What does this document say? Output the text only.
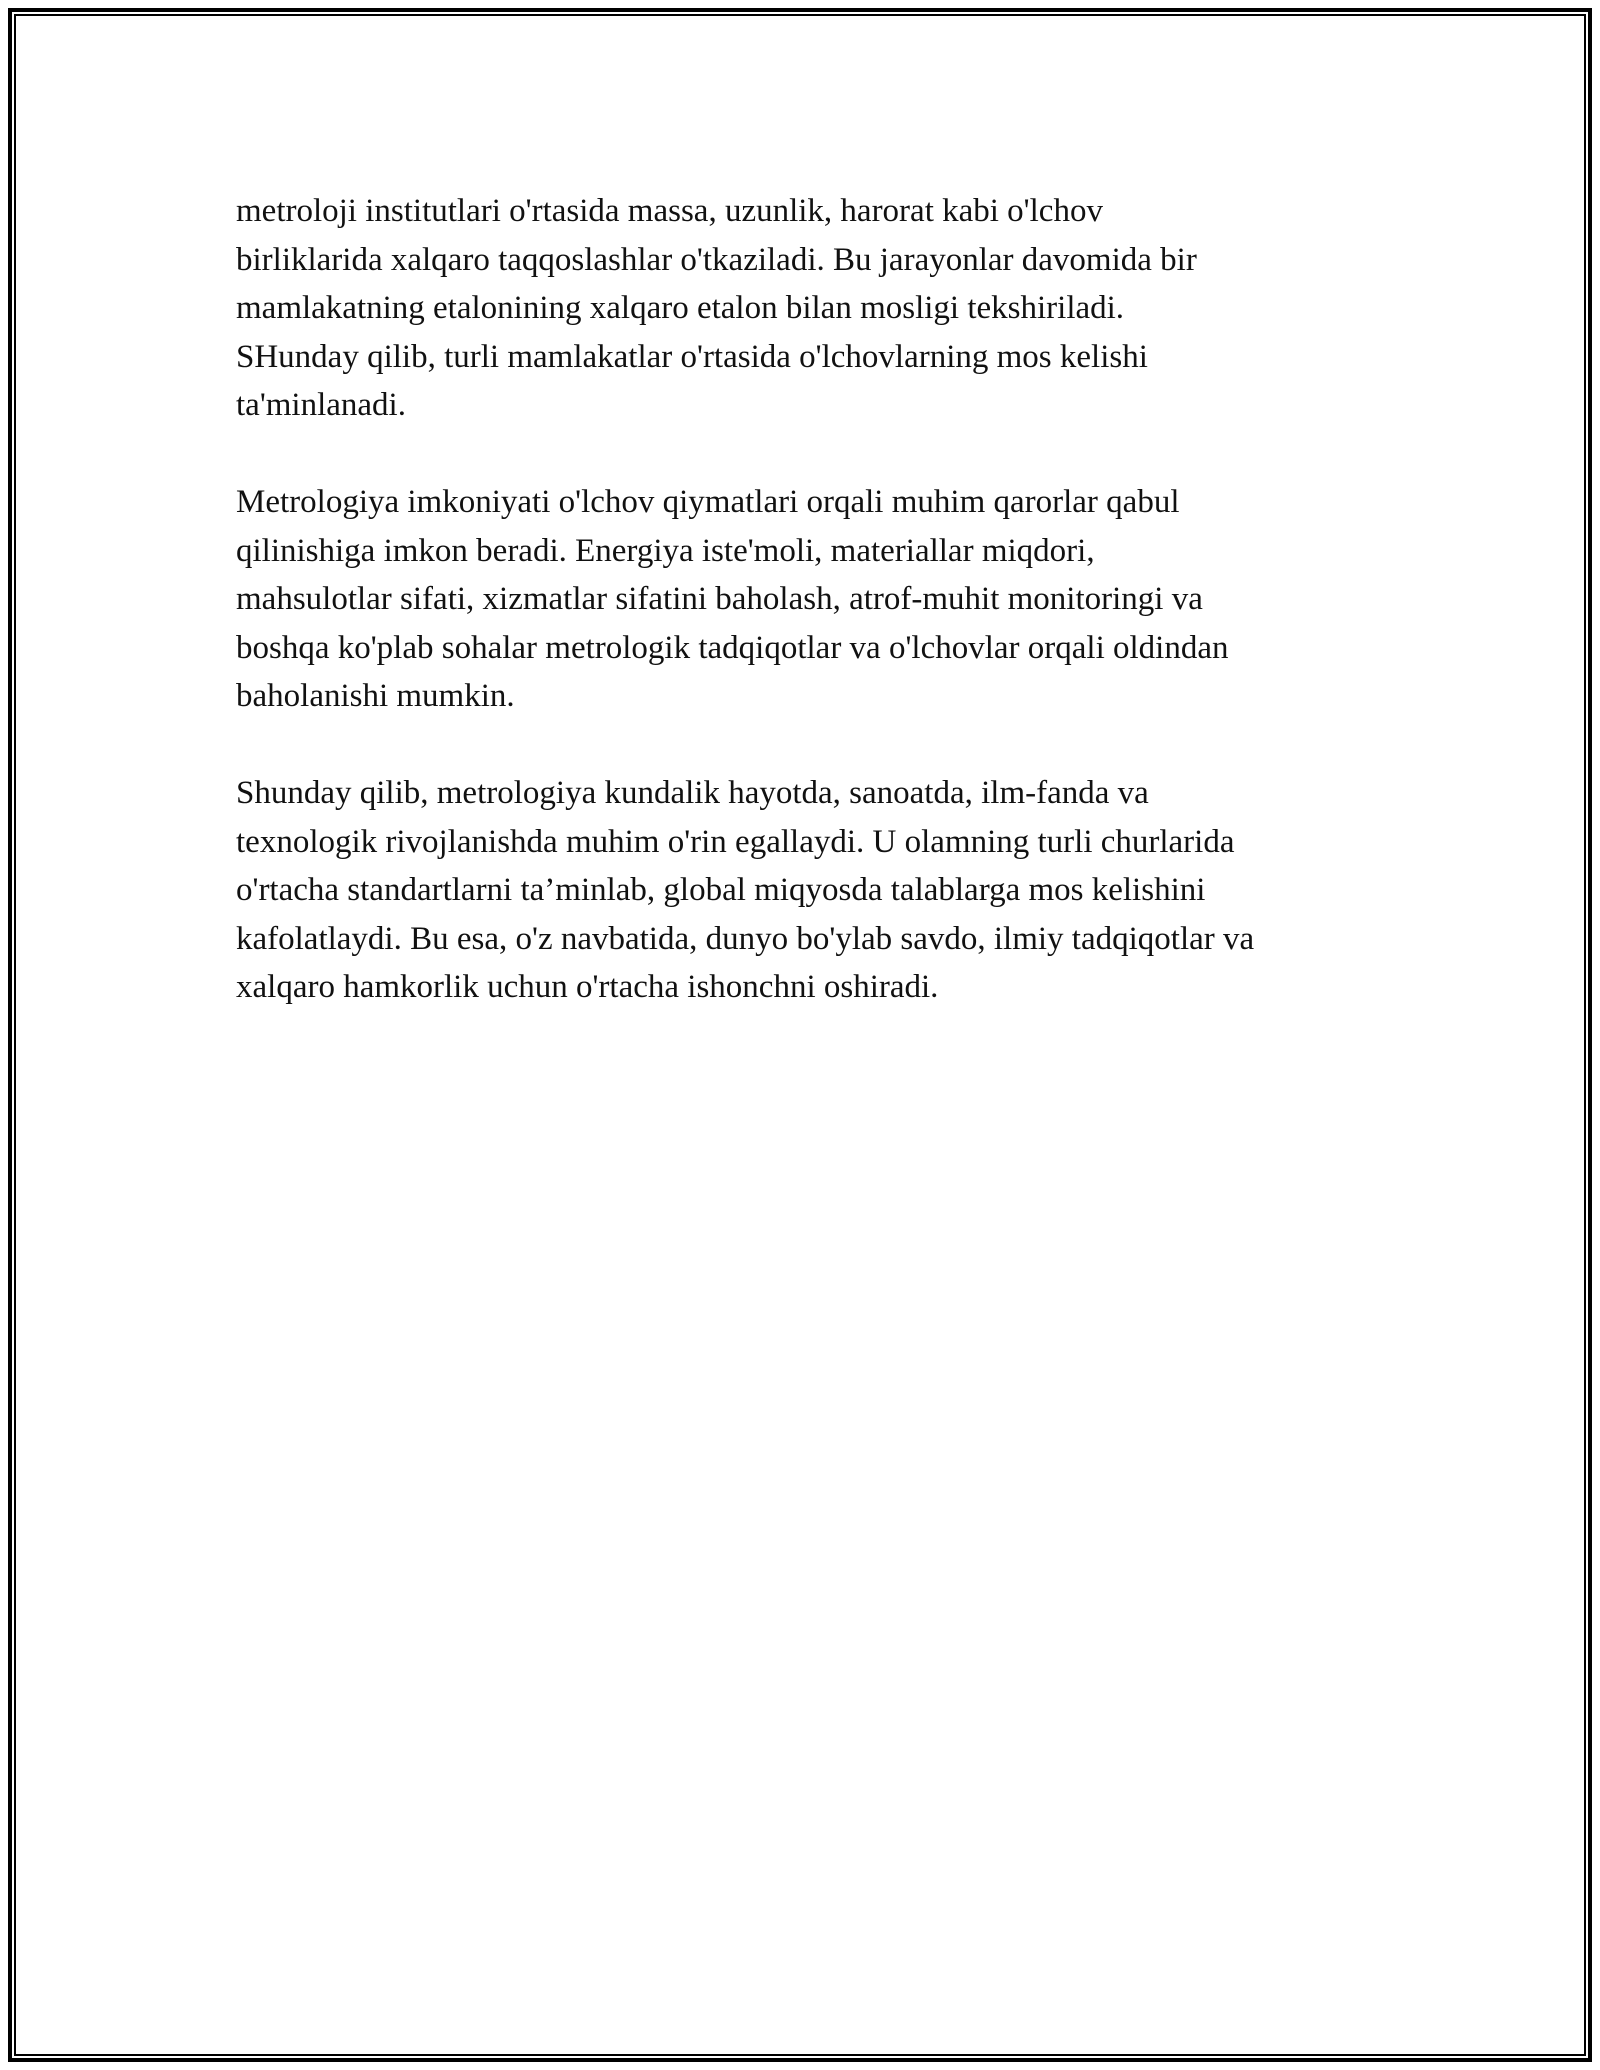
metroloji institutlari o'rtasida massa, uzunlik, harorat kabi o'lchov
birliklarida xalqaro taqqoslashlar o'tkaziladi. Bu jarayonlar davomida bir
mamlakatning etalonining xalqaro etalon bilan mosligi tekshiriladi.
SHunday qilib, turli mamlakatlar o'rtasida o'lchovlarning mos kelishi
ta'minlanadi.

Metrologiya imkoniyati o'lchov qiymatlari orqali muhim qarorlar qabul
qilinishiga imkon beradi. Energiya iste'moli, materiallar miqdori,
mahsulotlar sifati, xizmatlar sifatini baholash, atrof-muhit monitoringi va
boshqa ko'plab sohalar metrologik tadqiqotlar va o'lchovlar orqali oldindan
baholanishi mumkin.

Shunday qilib, metrologiya kundalik hayotda, sanoatda, ilm-fanda va
texnologik rivojlanishda muhim o'rin egallaydi. U olamning turli churlarida
o'rtacha standartlarni ta’minlab, global miqyosda talablarga mos kelishini
kafolatlaydi. Bu esa, o'z navbatida, dunyo bo'ylab savdo, ilmiy tadqiqotlar va
xalqaro hamkorlik uchun o'rtacha ishonchni oshiradi.
